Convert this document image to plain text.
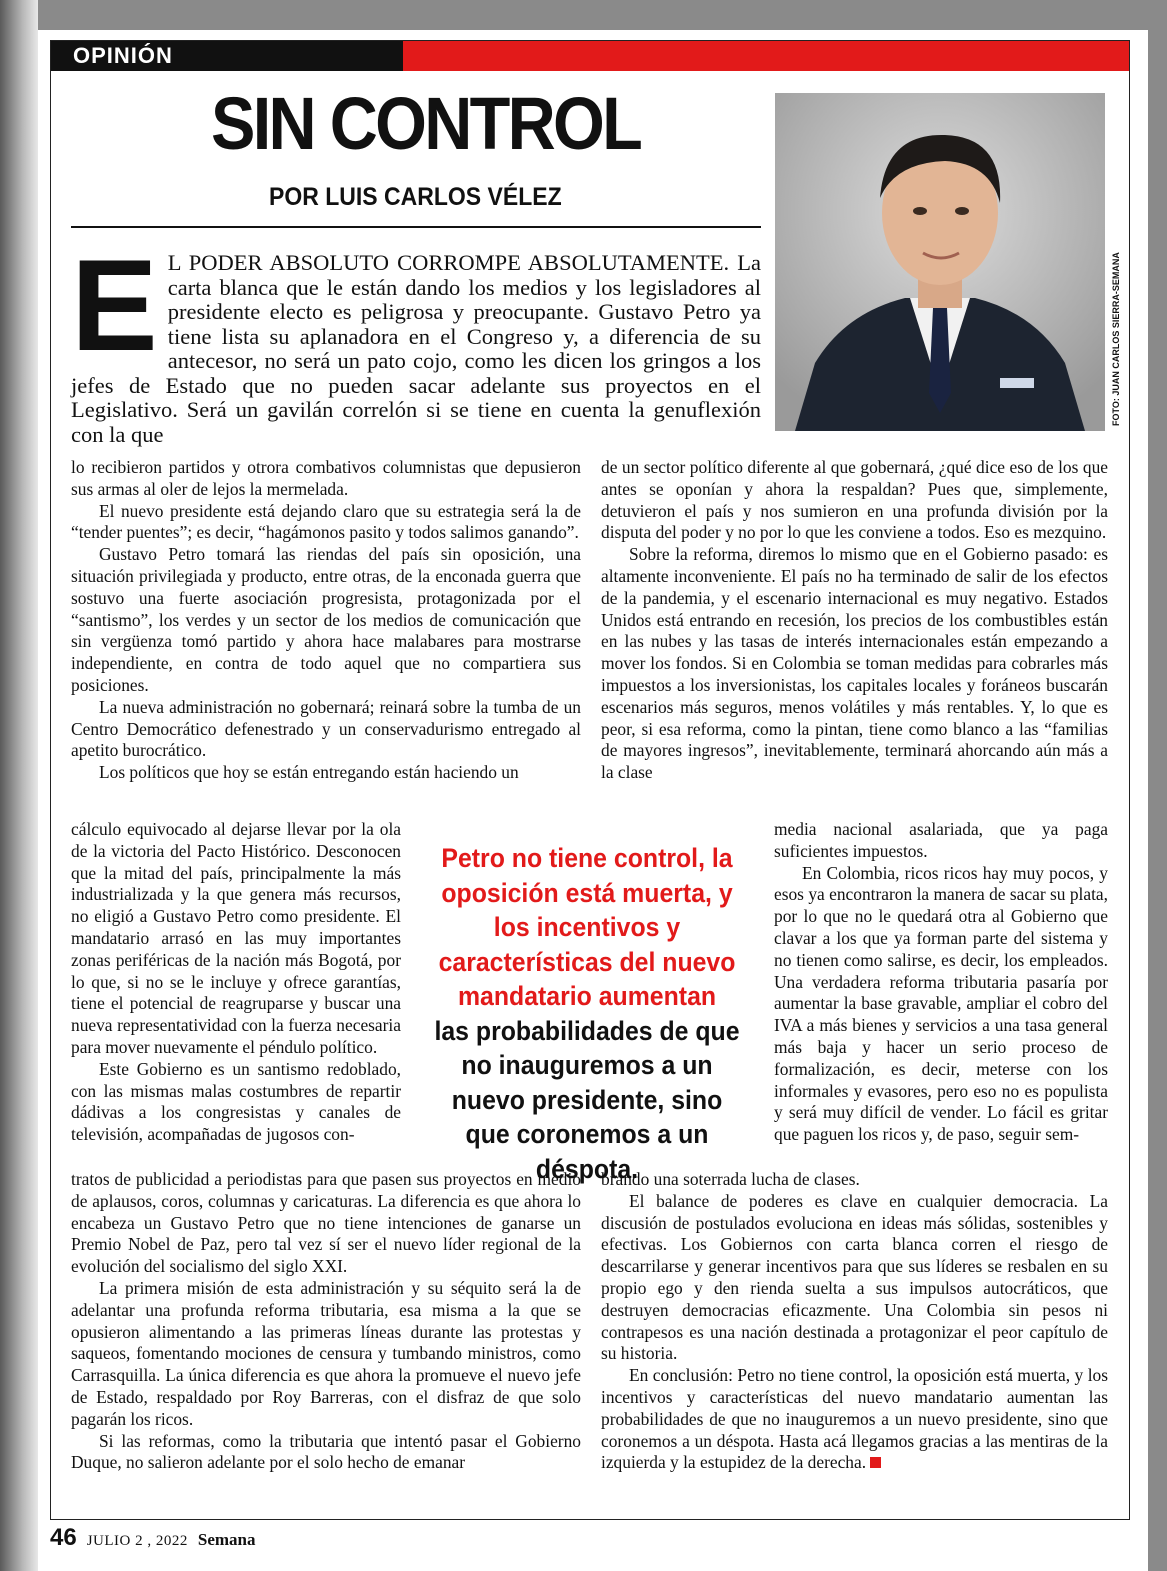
OPINIÓN
SIN CONTROL
POR LUIS CARLOS VÉLEZ
FOTO: JUAN CARLOS SIERRA-SEMANA
E L PODER ABSOLUTO CORROMPE ABSOLUTAMENTE. La carta blanca que le están dando los medios y los legisladores al presidente electo es peligrosa y preocupante. Gustavo Petro ya tiene lista su aplanadora en el Congreso y, a diferencia de su antecesor, no será un pato cojo, como les dicen los gringos a los jefes de Estado que no pueden sacar adelante sus proyectos en el Legislativo. Será un gavilán correlón si se tiene en cuenta la genuflexión con la que

lo recibieron partidos y otrora combativos columnistas que depusieron sus armas al oler de lejos la mermelada.

El nuevo presidente está dejando claro que su estrategia será la de “tender puentes”; es decir, “hagámonos pasito y todos salimos ganando”.

Gustavo Petro tomará las riendas del país sin oposición, una situación privilegiada y producto, entre otras, de la enconada guerra que sostuvo una fuerte asociación progresista, protagonizada por el “santismo”, los verdes y un sector de los medios de comunicación que sin vergüenza tomó partido y ahora hace malabares para mostrarse independiente, en contra de todo aquel que no compartiera sus posiciones.

La nueva administración no gobernará; reinará sobre la tumba de un Centro Democrático defenestrado y un conservadurismo entregado al apetito burocrático.

Los políticos que hoy se están entregando están haciendo un

cálculo equivocado al dejarse llevar por la ola de la victoria del Pacto Histórico. Desconocen que la mitad del país, principalmente la más industrializada y la que genera más recursos, no eligió a Gustavo Petro como presidente. El mandatario arrasó en las muy importantes zonas periféricas de la nación más Bogotá, por lo que, si no se le incluye y ofrece garantías, tiene el potencial de reagruparse y buscar una nueva representatividad con la fuerza necesaria para mover nuevamente el péndulo político.

Este Gobierno es un santismo redoblado, con las mismas malas costumbres de repartir dádivas a los congresistas y canales de televisión, acompañadas de jugosos con-

Petro no tiene control, la oposición está muerta, y los incentivos y características del nuevo mandatario aumentan
las probabilidades de que no inauguremos a un nuevo presidente, sino que coronemos a un déspota.

tratos de publicidad a periodistas para que pasen sus proyectos en medio de aplausos, coros, columnas y caricaturas. La diferencia es que ahora lo encabeza un Gustavo Petro que no tiene intenciones de ganarse un Premio Nobel de Paz, pero tal vez sí ser el nuevo líder regional de la evolución del socialismo del siglo XXI.

La primera misión de esta administración y su séquito será la de adelantar una profunda reforma tributaria, esa misma a la que se opusieron alimentando a las primeras líneas durante las protestas y saqueos, fomentando mociones de censura y tumbando ministros, como Carrasquilla. La única diferencia es que ahora la promueve el nuevo jefe de Estado, respaldado por Roy Barreras, con el disfraz de que solo pagarán los ricos.

Si las reformas, como la tributaria que intentó pasar el Gobierno Duque, no salieron adelante por el solo hecho de emanar

de un sector político diferente al que gobernará, ¿qué dice eso de los que antes se oponían y ahora la respaldan? Pues que, simplemente, detuvieron el país y nos sumieron en una profunda división por la disputa del poder y no por lo que les conviene a todos. Eso es mezquino.

Sobre la reforma, diremos lo mismo que en el Gobierno pasado: es altamente inconveniente. El país no ha terminado de salir de los efectos de la pandemia, y el escenario internacional es muy negativo. Estados Unidos está entrando en recesión, los precios de los combustibles están en las nubes y las tasas de interés internacionales están empezando a mover los fondos. Si en Colombia se toman medidas para cobrarles más impuestos a los inversionistas, los capitales locales y foráneos buscarán escenarios más seguros, menos volátiles y más rentables. Y, lo que es peor, si esa reforma, como la pintan, tiene como blanco a las “familias de mayores ingresos”, inevitablemente, terminará ahorcando aún más a la clase

media nacional asalariada, que ya paga suficientes impuestos.

En Colombia, ricos ricos hay muy pocos, y esos ya encontraron la manera de sacar su plata, por lo que no le quedará otra al Gobierno que clavar a los que ya forman parte del sistema y no tienen como salirse, es decir, los empleados. Una verdadera reforma tributaria pasaría por aumentar la base gravable, ampliar el cobro del IVA a más bienes y servicios a una tasa general más baja y hacer un serio proceso de formalización, es decir, meterse con los informales y evasores, pero eso no es populista y será muy difícil de vender. Lo fácil es gritar que paguen los ricos y, de paso, seguir sem-

brando una soterrada lucha de clases.

El balance de poderes es clave en cualquier democracia. La discusión de postulados evoluciona en ideas más sólidas, sostenibles y efectivas. Los Gobiernos con carta blanca corren el riesgo de descarrilarse y generar incentivos para que sus líderes se resbalen en su propio ego y den rienda suelta a sus impulsos autocráticos, que destruyen democracias eficazmente. Una Colombia sin pesos ni contrapesos es una nación destinada a protagonizar el peor capítulo de su historia.

En conclusión: Petro no tiene control, la oposición está muerta, y los incentivos y características del nuevo mandatario aumentan las probabilidades de que no inauguremos a un nuevo presidente, sino que coronemos a un déspota. Hasta acá llegamos gracias a las mentiras de la izquierda y la estupidez de la derecha.

46 JULIO 2 , 2022 Semana
